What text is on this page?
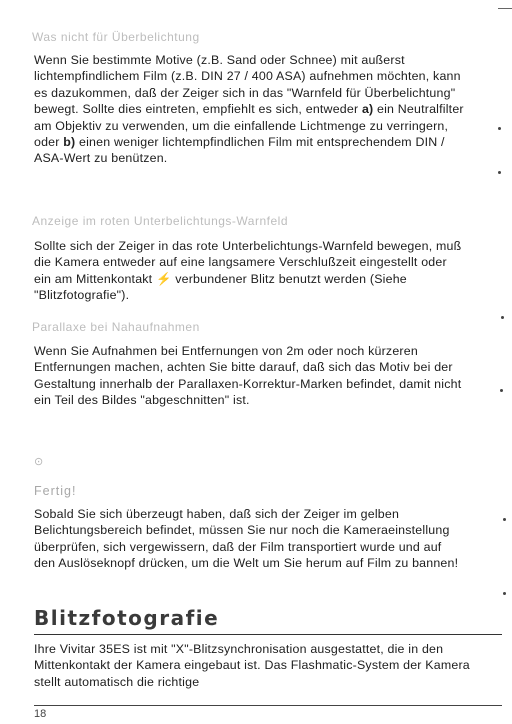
Was nicht für Überbelichtung
Wenn Sie bestimmte Motive (z.B. Sand oder Schnee) mit außerst lichtempfindlichem Film (z.B. DIN 27 / 400 ASA) aufnehmen möchten, kann es dazukommen, daß der Zeiger sich in das "Warnfeld für Überbelichtung" bewegt. Sollte dies eintreten, empfiehlt es sich, entweder a) ein Neutralfilter am Objektiv zu verwenden, um die einfallende Lichtmenge zu verringern, oder b) einen weniger lichtempfindlichen Film mit entsprechendem DIN / ASA-Wert zu benützen.
Anzeige im roten Unterbelichtungs-Warnfeld
Sollte sich der Zeiger in das rote Unterbelichtungs-Warnfeld bewegen, muß die Kamera entweder auf eine langsamere Verschlußzeit eingestellt oder ein am Mittenkontakt ⚡ verbundener Blitz benutzt werden (Siehe "Blitzfotografie").
Parallaxe bei Nahaufnahmen
Wenn Sie Aufnahmen bei Entfernungen von 2m oder noch kürzeren Entfernungen machen, achten Sie bitte darauf, daß sich das Motiv bei der Gestaltung innerhalb der Parallaxen-Korrektur-Marken befindet, damit nicht ein Teil des Bildes "abgeschnitten" ist.
⊙
Fertig!
Sobald Sie sich überzeugt haben, daß sich der Zeiger im gelben Belichtungsbereich befindet, müssen Sie nur noch die Kameraeinstellung überprüfen, sich vergewissern, daß der Film transportiert wurde und auf den Auslöseknopf drücken, um die Welt um Sie herum auf Film zu bannen!
Blitzfotografie
Ihre Vivitar 35ES ist mit "X"-Blitzsynchronisation ausgestattet, die in den Mittenkontakt der Kamera eingebaut ist. Das Flashmatic-System der Kamera stellt automatisch die richtige
18
